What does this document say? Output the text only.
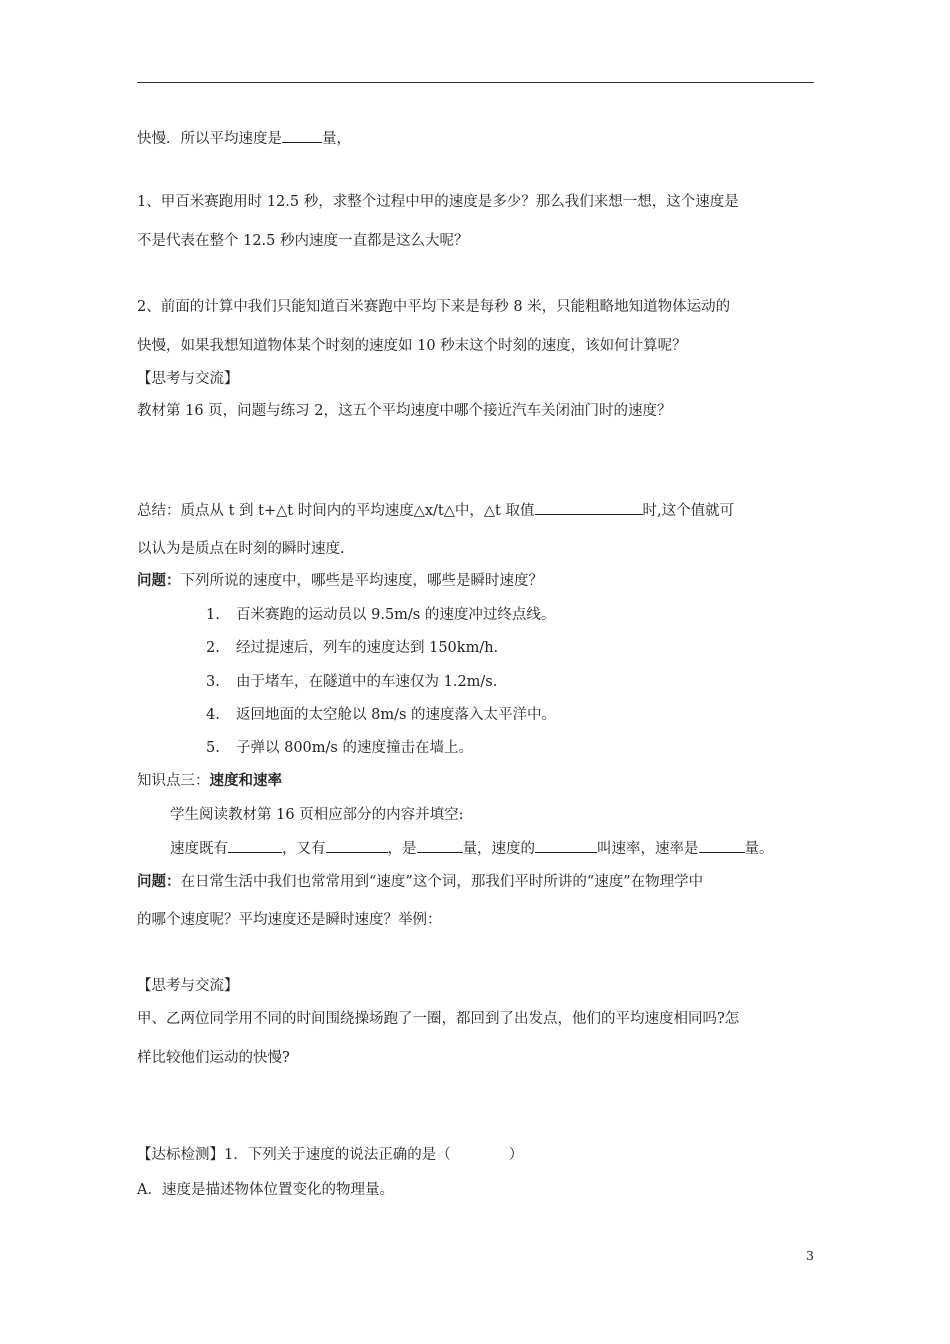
快慢．所以平均速度是	量，
1、甲百米赛跑用时 12.5 秒，求整个过程中甲的速度是多少？那么我们来想一想，这个速度是
不是代表在整个 12.5 秒内速度一直都是这么大呢？
2、前面的计算中我们只能知道百米赛跑中平均下来是每秒 8 米，只能粗略地知道物体运动的
快慢，如果我想知道物体某个时刻的速度如 10 秒末这个时刻的速度，该如何计算呢？
【思考与交流】
教材第 16 页，问题与练习 2，这五个平均速度中哪个接近汽车关闭油门时的速度？
总结：质点从 t 到 t+△t 时间内的平均速度△x/t△中，△t 取值	时,这个值就可
以认为是质点在时刻的瞬时速度.
问题：下列所说的速度中，哪些是平均速度，哪些是瞬时速度？
1. 百米赛跑的运动员以 9.5m/s 的速度冲过终点线。
2. 经过提速后，列车的速度达到 150km/h.
3. 由于堵车，在隧道中的车速仅为 1.2m/s.
4. 返回地面的太空舱以 8m/s 的速度落入太平洋中。
5. 子弹以 800m/s 的速度撞击在墙上。
知识点三：速度和速率
学生阅读教材第 16 页相应部分的内容并填空:
速度既有	，又有	，是	量，速度的	叫速率，速率是	量。
问题：在日常生活中我们也常常用到“速度”这个词，那我们平时所讲的“速度”在物理学中
的哪个速度呢？平均速度还是瞬时速度？举例：
【思考与交流】
甲、乙两位同学用不同的时间围绕操场跑了一圈，都回到了出发点，他们的平均速度相同吗?怎
样比较他们运动的快慢?
【达标检测】1．下列关于速度的说法正确的是（　　　　）
A．速度是描述物体位置变化的物理量。
3
